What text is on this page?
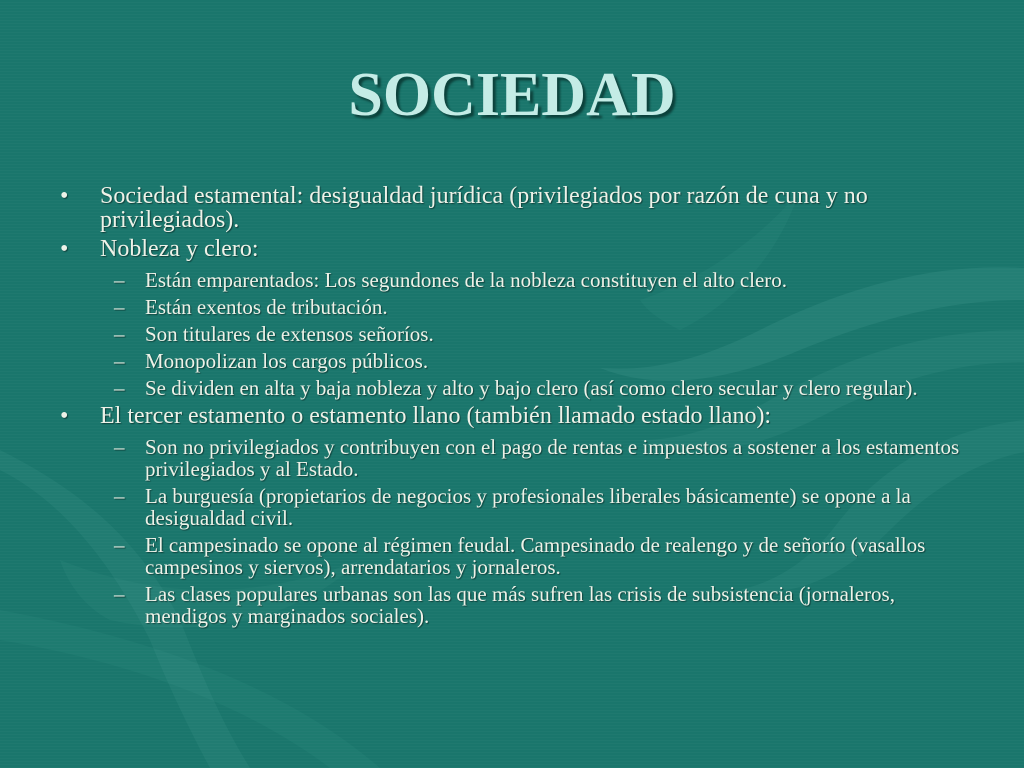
SOCIEDAD
• Sociedad estamental: desigualdad jurídica (privilegiados por razón de cuna y no privilegiados).
• Nobleza y clero:
– Están emparentados: Los segundones de la nobleza constituyen el alto clero.
– Están exentos de tributación.
– Son titulares de extensos señoríos.
– Monopolizan los cargos públicos.
– Se dividen en alta y baja nobleza y alto y bajo clero (así como clero secular y clero regular).
• El tercer estamento o estamento llano (también llamado estado llano):
– Son no privilegiados y contribuyen con el pago de rentas e impuestos a sostener a los estamentos privilegiados y al Estado.
– La burguesía (propietarios de negocios y profesionales liberales básicamente) se opone a la desigualdad civil.
– El campesinado se opone al régimen feudal. Campesinado de realengo y de señorío (vasallos campesinos y siervos), arrendatarios y jornaleros.
– Las clases populares urbanas son las que más sufren las crisis de subsistencia (jornaleros, mendigos y marginados sociales).
